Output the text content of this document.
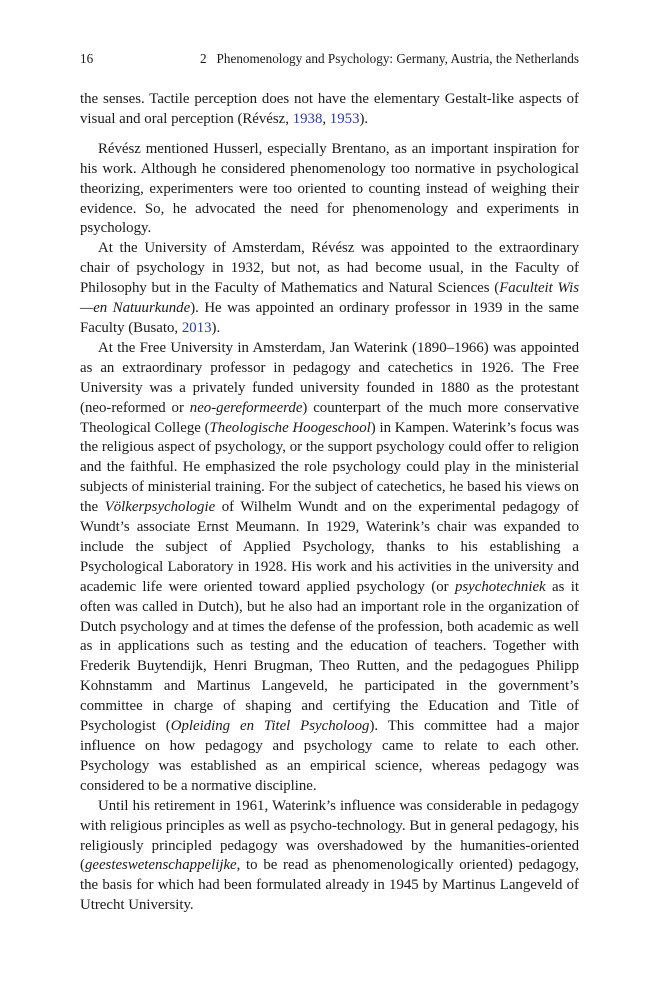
16	2 Phenomenology and Psychology: Germany, Austria, the Netherlands

the senses. Tactile perception does not have the elementary Gestalt-like aspects of visual and oral perception (Révész, 1938, 1953).

Révész mentioned Husserl, especially Brentano, as an important inspiration for his work. Although he considered phenomenology too normative in psychological theorizing, experimenters were too oriented to counting instead of weighing their evidence. So, he advocated the need for phenomenology and experiments in psychology.

At the University of Amsterdam, Révész was appointed to the extraordinary chair of psychology in 1932, but not, as had become usual, in the Faculty of Philosophy but in the Faculty of Mathematics and Natural Sciences (Faculteit Wis—en Natuurkunde). He was appointed an ordinary professor in 1939 in the same Faculty (Busato, 2013).

At the Free University in Amsterdam, Jan Waterink (1890–1966) was appointed as an extraordinary professor in pedagogy and catechetics in 1926. The Free University was a privately funded university founded in 1880 as the protestant (neo-reformed or neo-gereformeerde) counterpart of the much more conservative Theological College (Theologische Hoogeschool) in Kampen. Waterink’s focus was the religious aspect of psychology, or the support psychology could offer to religion and the faithful. He emphasized the role psychology could play in the ministerial subjects of ministerial training. For the subject of catechetics, he based his views on the Völkerpsychologie of Wilhelm Wundt and on the experimental pedagogy of Wundt’s associate Ernst Meumann. In 1929, Waterink’s chair was expanded to include the subject of Applied Psychology, thanks to his establishing a Psychological Laboratory in 1928. His work and his activities in the university and academic life were oriented toward applied psychology (or psychotechniek as it often was called in Dutch), but he also had an important role in the organization of Dutch psychology and at times the defense of the profession, both academic as well as in applications such as testing and the education of teachers. Together with Frederik Buytendijk, Henri Brugman, Theo Rutten, and the pedagogues Philipp Kohnstamm and Martinus Langeveld, he participated in the government’s committee in charge of shaping and certifying the Education and Title of Psychologist (Opleiding en Titel Psycholoog). This committee had a major influence on how pedagogy and psychology came to relate to each other. Psychology was established as an empirical science, whereas pedagogy was considered to be a normative discipline.

Until his retirement in 1961, Waterink’s influence was considerable in pedagogy with religious principles as well as psycho-technology. But in general pedagogy, his religiously principled pedagogy was overshadowed by the humanities-oriented (geesteswetenschappelijke, to be read as phenomenologically oriented) pedagogy, the basis for which had been formulated already in 1945 by Martinus Langeveld of Utrecht University.
